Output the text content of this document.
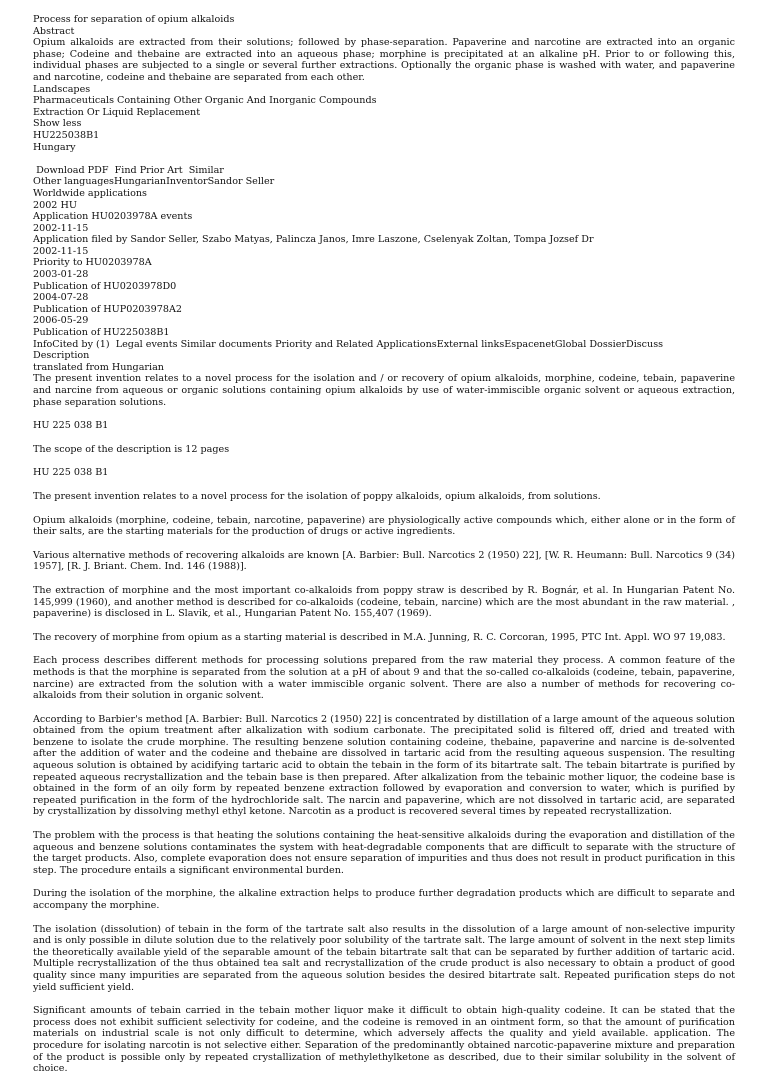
Process for separation of opium alkaloids
Abstract
Opium alkaloids are extracted from their solutions; followed by phase-separation. Papaverine and narcotine are extracted into an organic phase; Codeine and thebaine are extracted into an aqueous phase; morphine is precipitated at an alkaline pH. Prior to or following this, individual phases are subjected to a single or several further extractions. Optionally the organic phase is washed with water, and papaverine and narcotine, codeine and thebaine are separated from each other.
Landscapes
Pharmaceuticals Containing Other Organic And Inorganic Compounds
Extraction Or Liquid Replacement
Show less
HU225038B1
Hungary
Download PDF Find Prior Art Similar
Other languagesHungarianInventorSandor Seller
Worldwide applications
2002 HU
Application HU0203978A events
2002-11-15
Application filed by Sandor Seller, Szabo Matyas, Palincza Janos, Imre Laszone, Cselenyak Zoltan, Tompa Jozsef Dr
2002-11-15
Priority to HU0203978A
2003-01-28
Publication of HU0203978D0
2004-07-28
Publication of HUP0203978A2
2006-05-29
Publication of HU225038B1
InfoCited by (1) Legal events Similar documents Priority and Related ApplicationsExternal linksEspacenetGlobal DossierDiscuss
Description
translated from Hungarian

The present invention relates to a novel process for the isolation and / or recovery of opium alkaloids, morphine, codeine, tebain, papaverine and narcine from aqueous or organic solutions containing opium alkaloids by use of water-immiscible organic solvent or aqueous extraction, phase separation solutions.

HU 225 038 B1

The scope of the description is 12 pages

HU 225 038 B1

The present invention relates to a novel process for the isolation of poppy alkaloids, opium alkaloids, from solutions.

Opium alkaloids (morphine, codeine, tebain, narcotine, papaverine) are physiologically active compounds which, either alone or in the form of their salts, are the starting materials for the production of drugs or active ingredients.

Various alternative methods of recovering alkaloids are known [A. Barbier: Bull. Narcotics 2 (1950) 22], [W. R. Heumann: Bull. Narcotics 9 (34) 1957], [R. J. Briant. Chem. Ind. 146 (1988)].

The extraction of morphine and the most important co-alkaloids from poppy straw is described by R. Bognár, et al. In Hungarian Patent No. 145,999 (1960), and another method is described for co-alkaloids (codeine, tebain, narcine) which are the most abundant in the raw material. , papaverine) is disclosed in L. Slavik, et al., Hungarian Patent No. 155,407 (1969).

The recovery of morphine from opium as a starting material is described in M.A. Junning, R. C. Corcoran, 1995, PTC Int. Appl. WO 97 19,083.

Each process describes different methods for processing solutions prepared from the raw material they process. A common feature of the methods is that the morphine is separated from the solution at a pH of about 9 and that the so-called co-alkaloids (codeine, tebain, papaverine, narcine) are extracted from the solution with a water immiscible organic solvent. There are also a number of methods for recovering co-alkaloids from their solution in organic solvent.

According to Barbier's method [A. Barbier: Bull. Narcotics 2 (1950) 22] is concentrated by distillation of a large amount of the aqueous solution obtained from the opium treatment after alkalization with sodium carbonate. The precipitated solid is filtered off, dried and treated with benzene to isolate the crude morphine. The resulting benzene solution containing codeine, thebaine, papaverine and narcine is de-solvented after the addition of water and the codeine and thebaine are dissolved in tartaric acid from the resulting aqueous suspension. The resulting aqueous solution is obtained by acidifying tartaric acid to obtain the tebain in the form of its bitartrate salt. The tebain bitartrate is purified by repeated aqueous recrystallization and the tebain base is then prepared. After alkalization from the tebainic mother liquor, the codeine base is obtained in the form of an oily form by repeated benzene extraction followed by evaporation and conversion to water, which is purified by repeated purification in the form of the hydrochloride salt. The narcin and papaverine, which are not dissolved in tartaric acid, are separated by crystallization by dissolving methyl ethyl ketone. Narcotin as a product is recovered several times by repeated recrystallization.

The problem with the process is that heating the solutions containing the heat-sensitive alkaloids during the evaporation and distillation of the aqueous and benzene solutions contaminates the system with heat-degradable components that are difficult to separate with the structure of the target products. Also, complete evaporation does not ensure separation of impurities and thus does not result in product purification in this step. The procedure entails a significant environmental burden.

During the isolation of the morphine, the alkaline extraction helps to produce further degradation products which are difficult to separate and accompany the morphine.

The isolation (dissolution) of tebain in the form of the tartrate salt also results in the dissolution of a large amount of non-selective impurity and is only possible in dilute solution due to the relatively poor solubility of the tartrate salt. The large amount of solvent in the next step limits the theoretically available yield of the separable amount of the tebain bitartrate salt that can be separated by further addition of tartaric acid. Multiple recrystallization of the thus obtained tea salt and recrystallization of the crude product is also necessary to obtain a product of good quality since many impurities are separated from the aqueous solution besides the desired bitartrate salt. Repeated purification steps do not yield sufficient yield.

Significant amounts of tebain carried in the tebain mother liquor make it difficult to obtain high-quality codeine. It can be stated that the process does not exhibit sufficient selectivity for codeine, and the codeine is removed in an ointment form, so that the amount of purification materials on industrial scale is not only difficult to determine, which adversely affects the quality and yield available. application. The procedure for isolating narcotin is not selective either. Separation of the predominantly obtained narcotic-papaverine mixture and preparation of the product is possible only by repeated crystallization of methylethylketone as described, due to their similar solubility in the solvent of choice.
